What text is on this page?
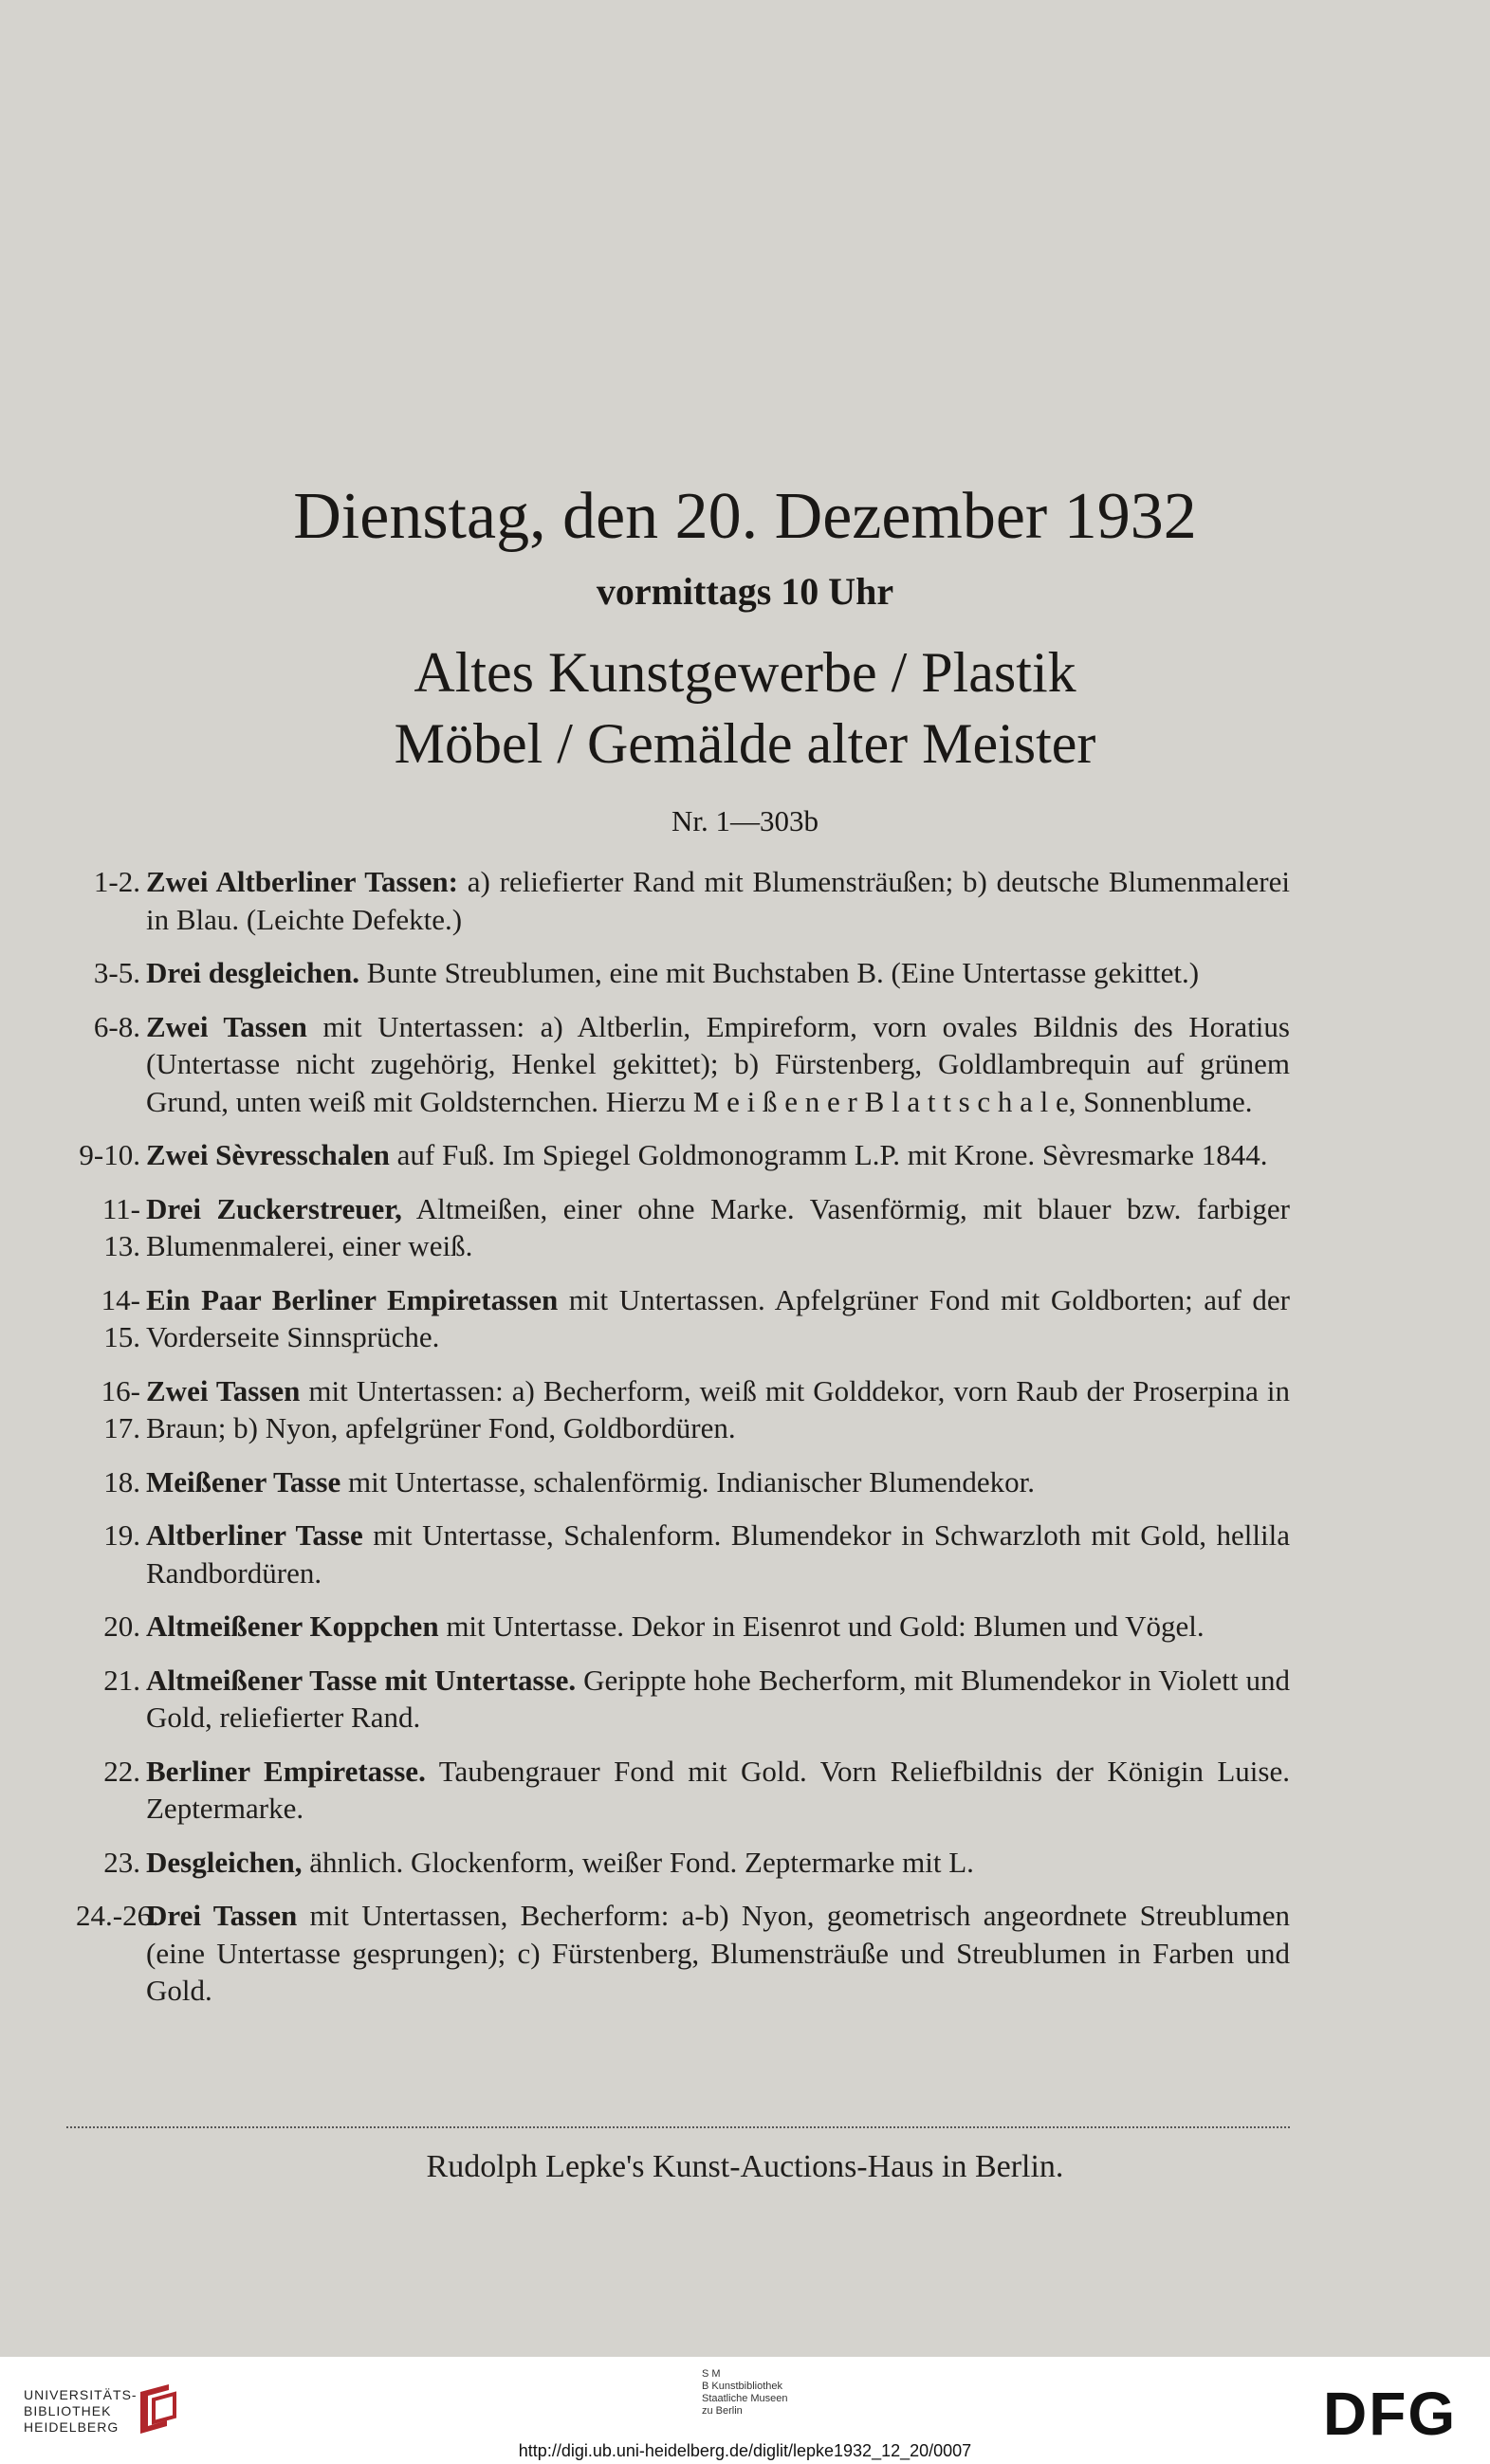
Dienstag, den 20. Dezember 1932
vormittags 10 Uhr
Altes Kunstgewerbe / Plastik
Möbel / Gemälde alter Meister
Nr. 1—303b
1-2. Zwei Altberliner Tassen: a) reliefierter Rand mit Blumensträußen; b) deutsche Blumenmalerei in Blau. (Leichte Defekte.)
3-5. Drei desgleichen. Bunte Streublumen, eine mit Buchstaben B. (Eine Untertasse gekittet.)
6-8. Zwei Tassen mit Untertassen: a) Altberlin, Empireform, vorn ovales Bildnis des Horatius (Untertasse nicht zugehörig, Henkel gekittet); b) Fürstenberg, Goldlambrequin auf grünem Grund, unten weiß mit Goldsternchen. Hierzu M e i ß e n e r B l a t t s c h a l e, Sonnenblume.
9-10. Zwei Sèvresschalen auf Fuß. Im Spiegel Goldmonogramm L.P. mit Krone. Sèvresmarke 1844.
11-13.
Drei Zuckerstreuer, Altmeißen, einer ohne Marke. Vasenförmig, mit blauer bzw. farbiger Blumenmalerei, einer weiß.
14-15.
Ein Paar Berliner Empiretassen mit Untertassen. Apfelgrüner Fond mit Goldborten; auf der Vorderseite Sinnsprüche.
16-17.
Zwei Tassen mit Untertassen: a) Becherform, weiß mit Golddekor, vorn Raub der Proserpina in Braun; b) Nyon, apfelgrüner Fond, Goldbordüren.
18. Meißener Tasse mit Untertasse, schalenförmig. Indianischer Blumendekor.
19. Altberliner Tasse mit Untertasse, Schalenform. Blumendekor in Schwarzloth mit Gold, hellila Randbordüren.
20. Altmeißener Koppchen mit Untertasse. Dekor in Eisenrot und Gold: Blumen und Vögel.
21. Altmeißener Tasse mit Untertasse. Gerippte hohe Becherform, mit Blumendekor in Violett und Gold, reliefierter Rand.
22. Berliner Empiretasse. Taubengrauer Fond mit Gold. Vorn Reliefbildnis der Königin Luise. Zeptermarke.
23. Desgleichen, ähnlich. Glockenform, weißer Fond. Zeptermarke mit L.
24.-26.
Drei Tassen mit Untertassen, Becherform: a-b) Nyon, geometrisch angeordnete Streublumen (eine Untertasse gesprungen); c) Fürstenberg, Blumensträuße und Streublumen in Farben und Gold.
Rudolph Lepke's Kunst-Auctions-Haus in Berlin.
UNIVERSITÄTS-
BIBLIOTHEK
HEIDELBERG
S M
B Kunstbibliothek
Staatliche Museen
zu Berlin	DFG
http://digi.ub.uni-heidelberg.de/diglit/lepke1932_12_20/0007
